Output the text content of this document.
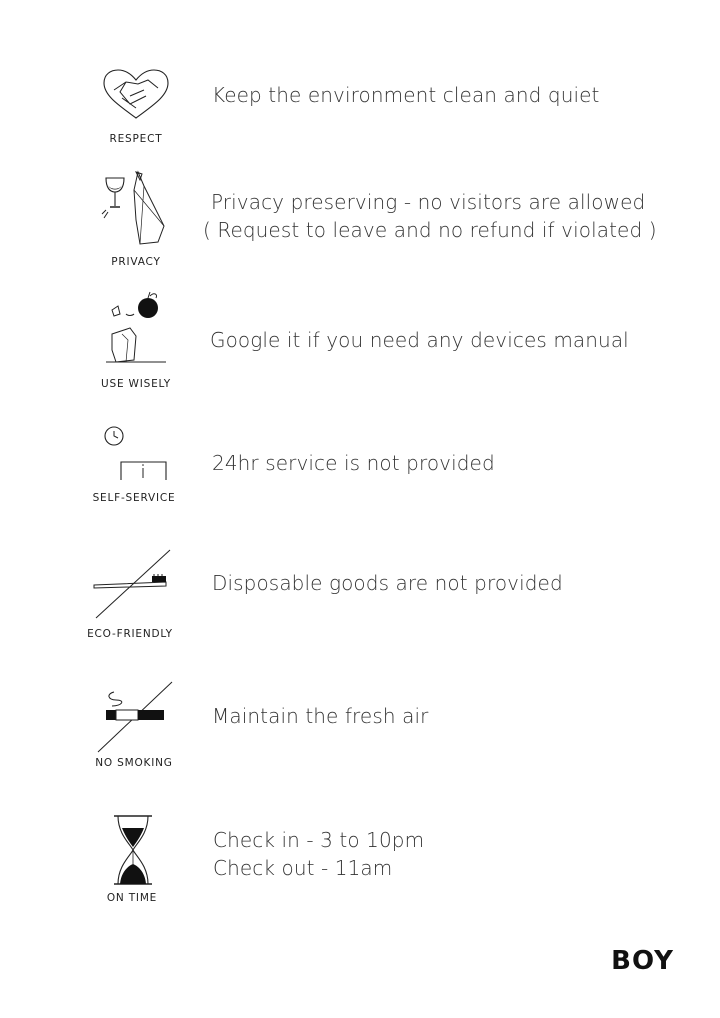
RESPECT
Keep the environment clean and quiet
PRIVACY
Privacy preserving - no visitors are allowed
( Request to leave and no refund if violated )
USE WISELY
Google it if you need any devices manual
SELF-SERVICE
24hr service is not provided
ECO-FRIENDLY
Disposable goods are not provided
NO SMOKING
Maintain the fresh air
ON TIME
Check in - 3 to 10pm
Check out - 11am
BOY
